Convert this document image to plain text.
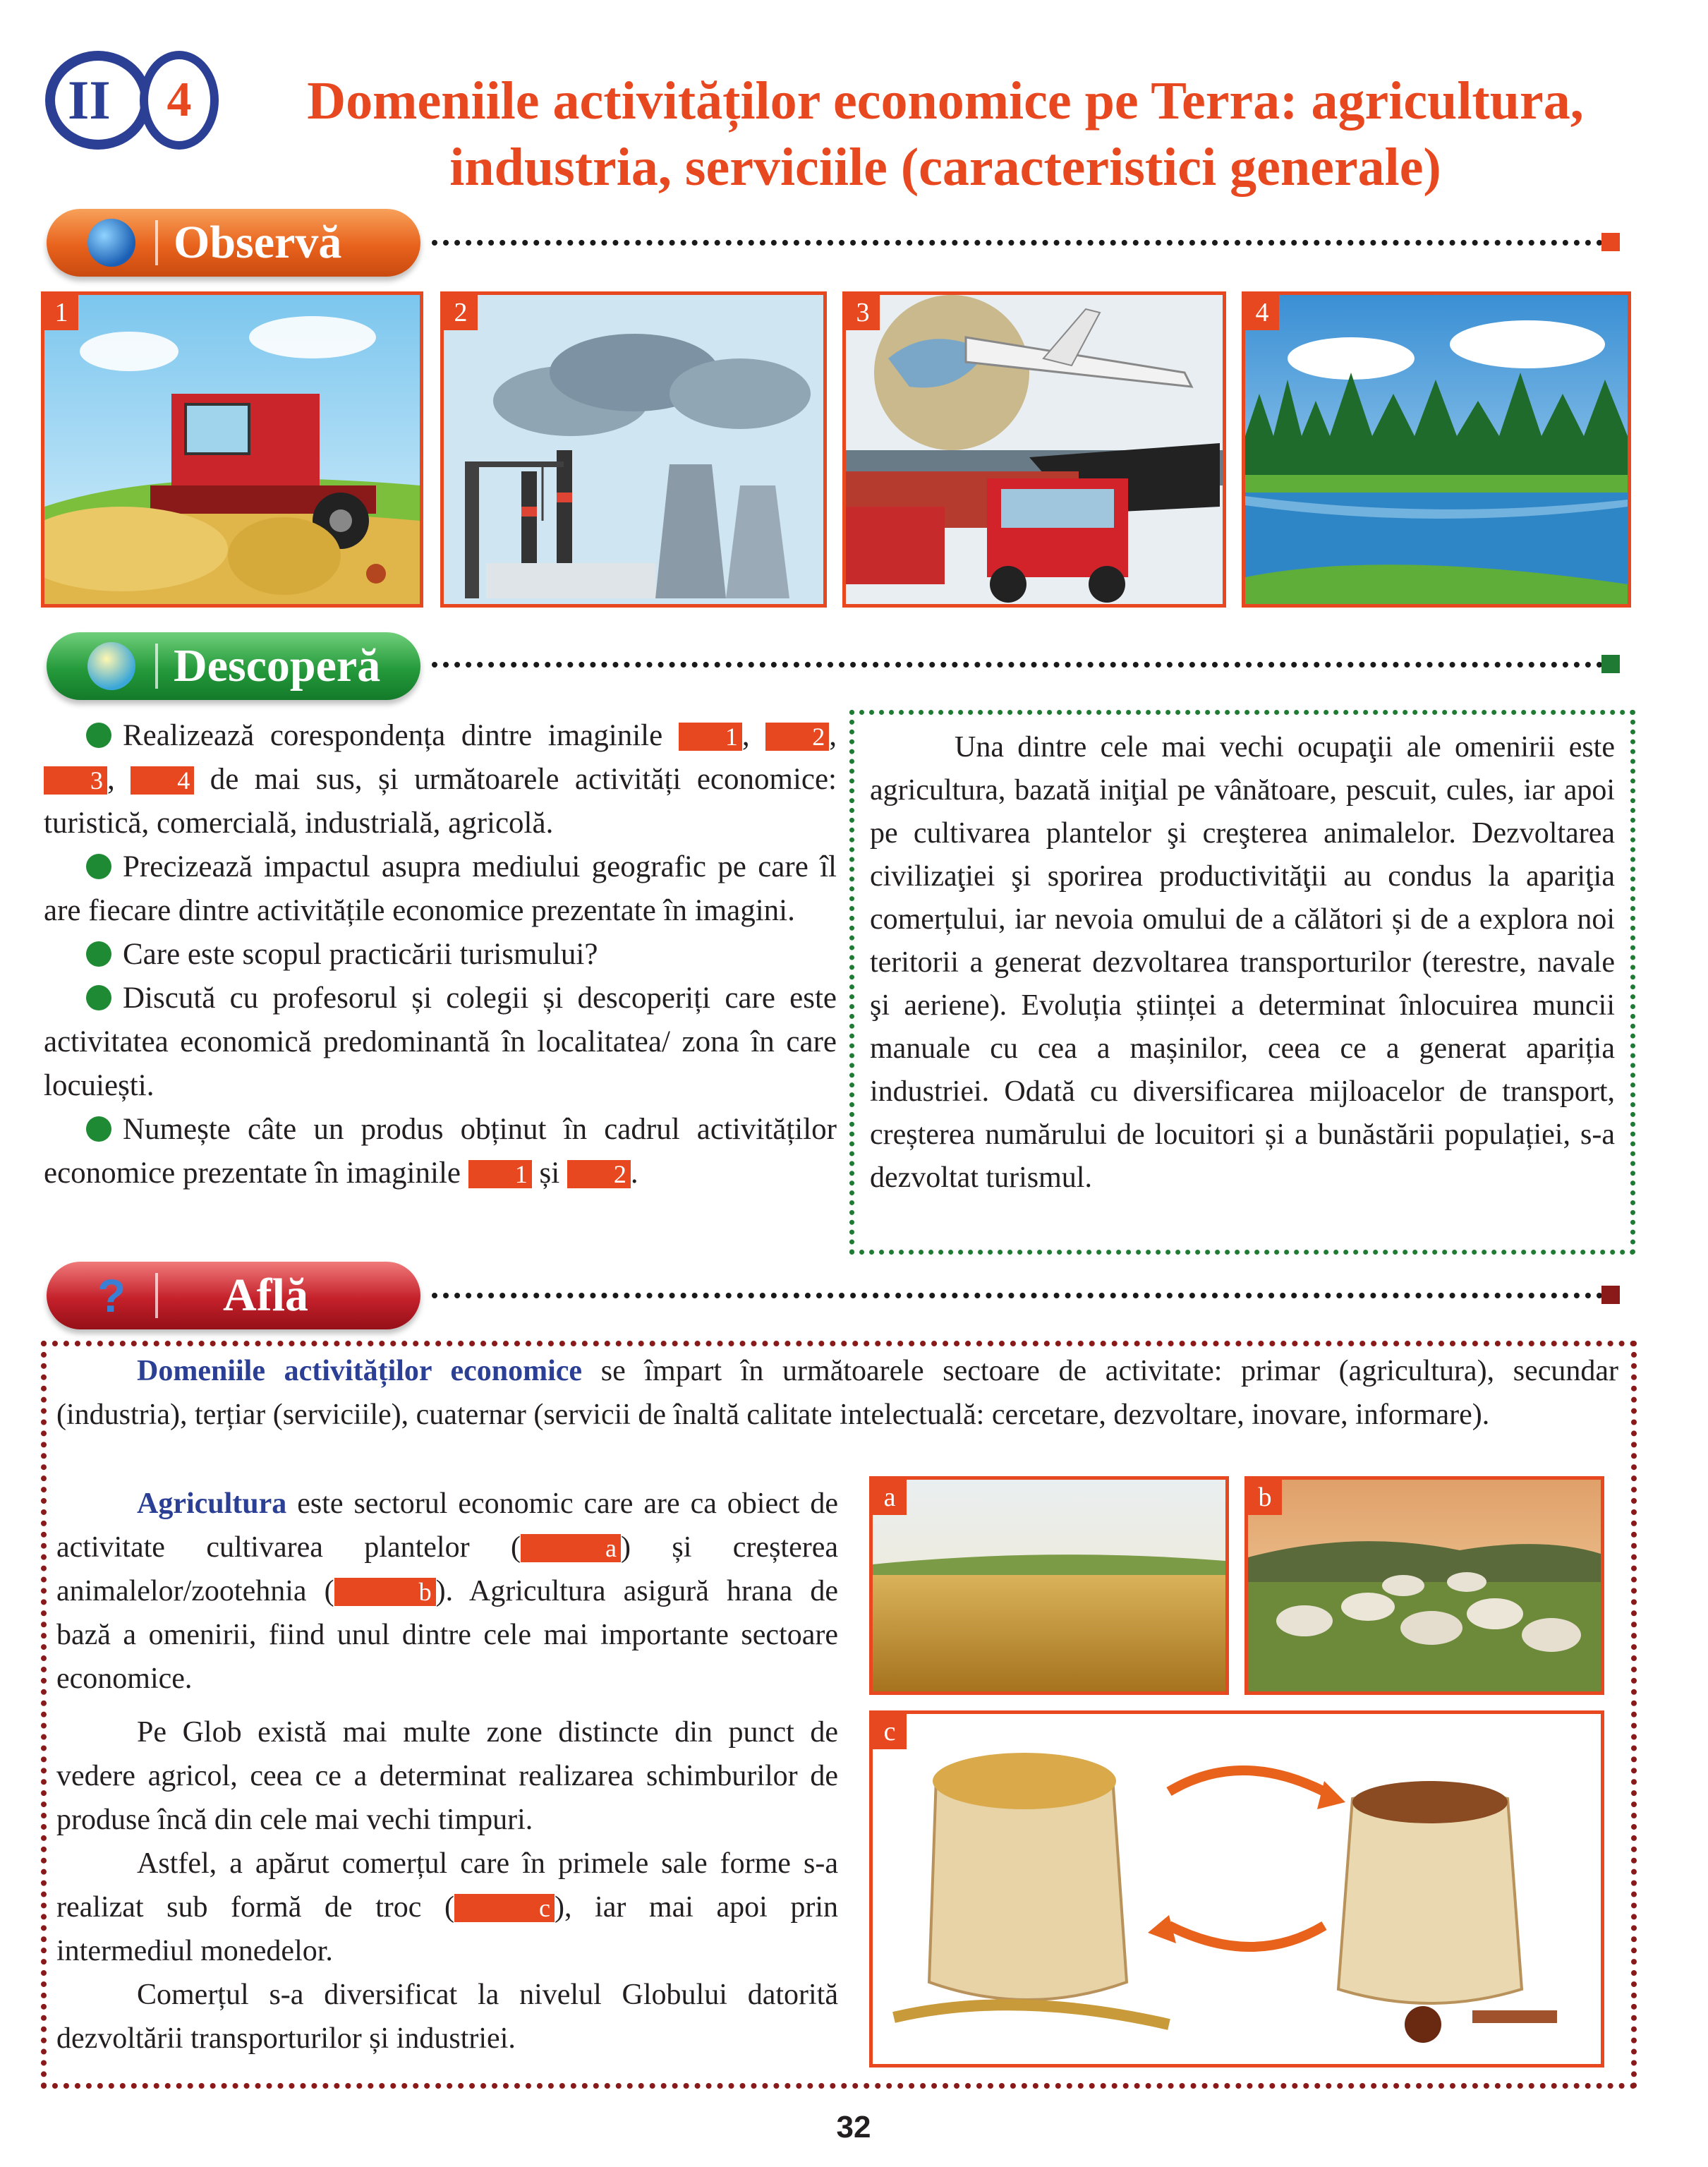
II 4	Domeniile activităților economice pe Terra: agricultura,
industria, serviciile (caracteristici generale)
Observă
1	2	3	4
Descoperă
Realizează corespondența dintre imaginile 1 , 2 , 3 , 4 de mai sus, și următoarele activități economice: turistică, comercială, industrială, agricolă.
Precizează impactul asupra mediului geografic pe care îl are fiecare dintre activitățile economice prezentate în imagini.
Care este scopul practicării turismului?
Discută cu profesorul și colegii și descoperiți care este activitatea economică predominantă în localitatea/ zona în care locuiești.
Numește câte un produs obținut în cadrul activităților economice prezentate în imaginile 1 și 2 .
Una dintre cele mai vechi ocupaţii ale omenirii este agricultura, bazată iniţial pe vânătoare, pescuit, cules, iar apoi pe cultivarea plantelor şi creşterea animalelor. Dezvoltarea civilizaţiei şi sporirea productivităţii au condus la apariţia comerțului, iar nevoia omului de a călători și de a explora noi teritorii a generat dezvoltarea transporturilor (terestre, navale şi aeriene). Evoluția științei a determinat înlocuirea muncii manuale cu cea a mașinilor, ceea ce a generat apariția industriei. Odată cu diversificarea mijloacelor de transport, creșterea numărului de locuitori și a bunăstării populației, s-a dezvoltat turismul.
? Află
Domeniile activităților economice se împart în următoarele sectoare de activitate: primar (agricultura), secundar (industria), terțiar (serviciile), cuaternar (servicii de înaltă calitate intelectuală: cercetare, dezvoltare, inovare, informare).
Agricultura este sectorul economic care are ca obiect de activitate cultivarea plantelor (	a ) și creșterea animalelor/zootehnia (	b ). Agricultura asigură hrana de bază a omenirii, fiind unul dintre cele mai importante sectoare economice.
Pe Glob există mai multe zone distincte din punct de vedere agricol, ceea ce a determinat realizarea schimburilor de produse încă din cele mai vechi timpuri.
Astfel, a apărut comerțul care în primele sale forme s-a realizat sub formă de troc (	c ), iar mai apoi prin intermediul monedelor.
Comerțul s-a diversificat la nivelul Globului datorită dezvoltării transporturilor și industriei.
a	b
c
32
